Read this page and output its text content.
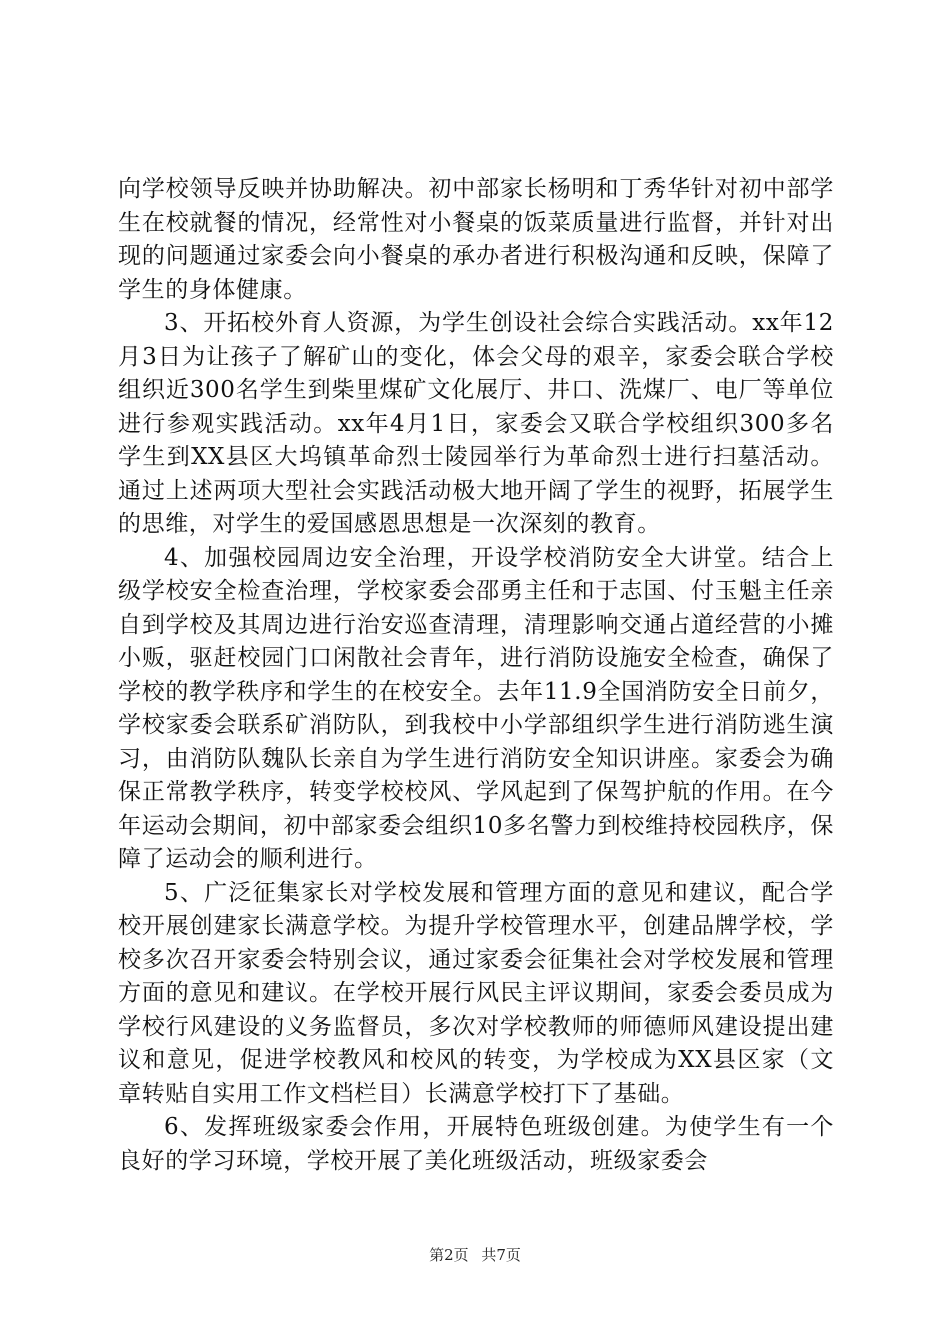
向学校领导反映并协助解决。初中部家长杨明和丁秀华针对初中部学生在校就餐的情况，经常性对小餐桌的饭菜质量进行监督，并针对出现的问题通过家委会向小餐桌的承办者进行积极沟通和反映，保障了学生的身体健康。

3、开拓校外育人资源，为学生创设社会综合实践活动。xx年12月3日为让孩子了解矿山的变化，体会父母的艰辛，家委会联合学校组织近300名学生到柴里煤矿文化展厅、井口、洗煤厂、电厂等单位进行参观实践活动。xx年4月1日，家委会又联合学校组织300多名学生到XX县区大坞镇革命烈士陵园举行为革命烈士进行扫墓活动。通过上述两项大型社会实践活动极大地开阔了学生的视野，拓展学生的思维，对学生的爱国感恩思想是一次深刻的教育。

4、加强校园周边安全治理，开设学校消防安全大讲堂。结合上级学校安全检查治理，学校家委会邵勇主任和于志国、付玉魁主任亲自到学校及其周边进行治安巡查清理，清理影响交通占道经营的小摊小贩，驱赶校园门口闲散社会青年，进行消防设施安全检查，确保了学校的教学秩序和学生的在校安全。去年11.9全国消防安全日前夕，学校家委会联系矿消防队，到我校中小学部组织学生进行消防逃生演习，由消防队魏队长亲自为学生进行消防安全知识讲座。家委会为确保正常教学秩序，转变学校校风、学风起到了保驾护航的作用。在今年运动会期间，初中部家委会组织10多名警力到校维持校园秩序，保障了运动会的顺利进行。

5、广泛征集家长对学校发展和管理方面的意见和建议，配合学校开展创建家长满意学校。为提升学校管理水平，创建品牌学校，学校多次召开家委会特别会议，通过家委会征集社会对学校发展和管理方面的意见和建议。在学校开展行风民主评议期间，家委会委员成为学校行风建设的义务监督员，多次对学校教师的师德师风建设提出建议和意见，促进学校教风和校风的转变，为学校成为XX县区家（文章转贴自实用工作文档栏目）长满意学校打下了基础。

6、发挥班级家委会作用，开展特色班级创建。为使学生有一个良好的学习环境，学校开展了美化班级活动，班级家委会

第2页 共7页
